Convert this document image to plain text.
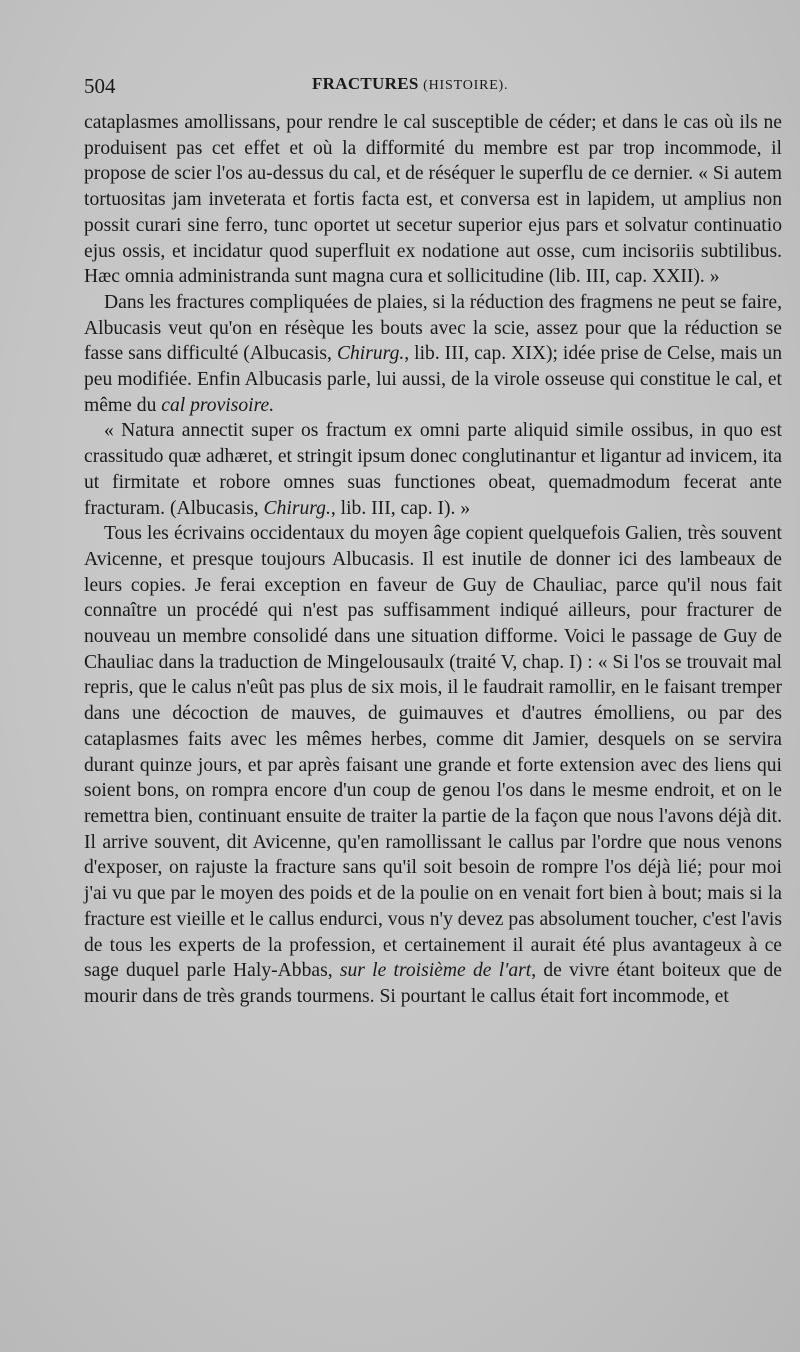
504	FRACTURES (HISTOIRE).

cataplasmes amollissans, pour rendre le cal susceptible de céder; et dans le cas où ils ne produisent pas cet effet et où la difformité du membre est par trop incommode, il propose de scier l'os au-dessus du cal, et de réséquer le superflu de ce dernier. « Si autem tortuositas jam inveterata et fortis facta est, et conversa est in lapidem, ut amplius non possit curari sine ferro, tunc oportet ut secetur superior ejus pars et solvatur continuatio ejus ossis, et incidatur quod superfluit ex nodatione aut osse, cum incisoriis subtilibus. Hæc omnia administranda sunt magna cura et sollicitudine (lib. III, cap. XXII). »

Dans les fractures compliquées de plaies, si la réduction des fragmens ne peut se faire, Albucasis veut qu'on en résèque les bouts avec la scie, assez pour que la réduction se fasse sans difficulté (Albucasis, Chirurg., lib. III, cap. XIX); idée prise de Celse, mais un peu modifiée. Enfin Albucasis parle, lui aussi, de la virole osseuse qui constitue le cal, et même du cal provisoire.

« Natura annectit super os fractum ex omni parte aliquid simile ossibus, in quo est crassitudo quæ adhæret, et stringit ipsum donec conglutinantur et ligantur ad invicem, ita ut firmitate et robore omnes suas functiones obeat, quemadmodum fecerat ante fracturam. (Albucasis, Chirurg., lib. III, cap. I). »

Tous les écrivains occidentaux du moyen âge copient quelquefois Galien, très souvent Avicenne, et presque toujours Albucasis. Il est inutile de donner ici des lambeaux de leurs copies. Je ferai exception en faveur de Guy de Chauliac, parce qu'il nous fait connaître un procédé qui n'est pas suffisamment indiqué ailleurs, pour fracturer de nouveau un membre consolidé dans une situation difforme. Voici le passage de Guy de Chauliac dans la traduction de Mingelousaulx (traité V, chap. I) : « Si l'os se trouvait mal repris, que le calus n'eût pas plus de six mois, il le faudrait ramollir, en le faisant tremper dans une décoction de mauves, de guimauves et d'autres émolliens, ou par des cataplasmes faits avec les mêmes herbes, comme dit Jamier, desquels on se servira durant quinze jours, et par après faisant une grande et forte extension avec des liens qui soient bons, on rompra encore d'un coup de genou l'os dans le mesme endroit, et on le remettra bien, continuant ensuite de traiter la partie de la façon que nous l'avons déjà dit. Il arrive souvent, dit Avicenne, qu'en ramollissant le callus par l'ordre que nous venons d'exposer, on rajuste la fracture sans qu'il soit besoin de rompre l'os déjà lié; pour moi j'ai vu que par le moyen des poids et de la poulie on en venait fort bien à bout; mais si la fracture est vieille et le callus endurci, vous n'y devez pas absolument toucher, c'est l'avis de tous les experts de la profession, et certainement il aurait été plus avantageux à ce sage duquel parle Haly-Abbas, sur le troisième de l'art, de vivre étant boiteux que de mourir dans de très grands tourmens. Si pourtant le callus était fort incommode, et
